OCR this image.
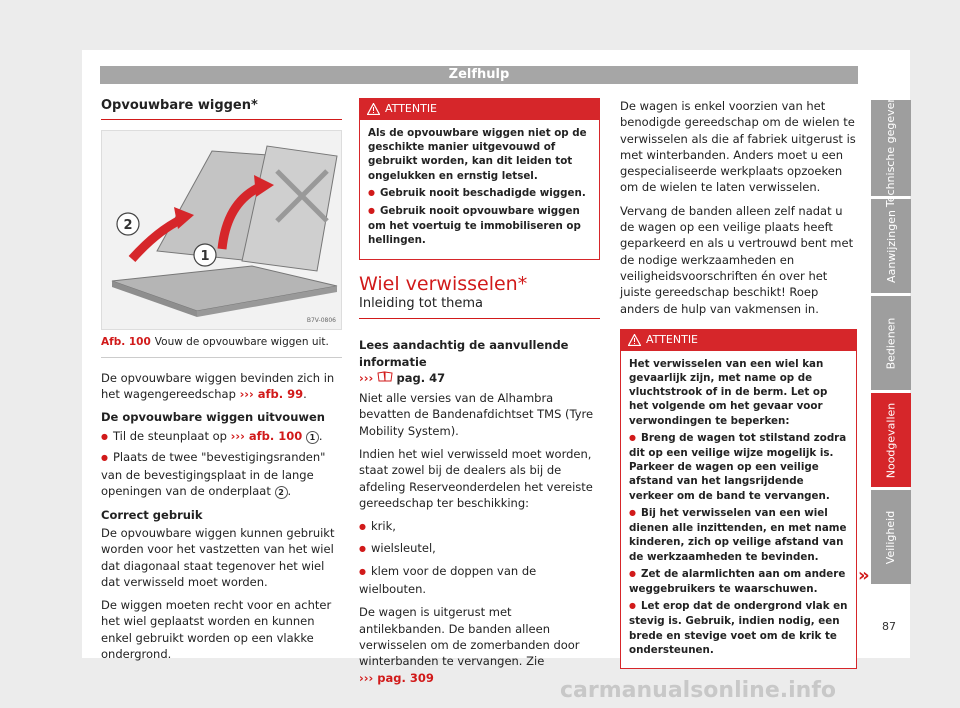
Zelfhulp
Opvouwbare wiggen*
2
1
B7V-0806
Afb. 100 Vouw de opvouwbare wiggen uit.

De opvouwbare wiggen bevinden zich in het wagengereedschap ››› afb. 99.

De opvouwbare wiggen uitvouwen

● Til de steunplaat op ››› afb. 100 1 .

● Plaats de twee "bevestigingsranden" van de bevestigingsplaat in de lange openingen van de onderplaat 2 .

Correct gebruik

De opvouwbare wiggen kunnen gebruikt worden voor het vastzetten van het wiel dat diagonaal staat tegenover het wiel dat verwisseld moet worden.

De wiggen moeten recht voor en achter het wiel geplaatst worden en kunnen enkel gebruikt worden op een vlakke ondergrond.

ATTENTIE

Als de opvouwbare wiggen niet op de geschikte manier uitgevouwd of gebruikt worden, kan dit leiden tot ongelukken en ernstig letsel.

● Gebruik nooit beschadigde wiggen.

● Gebruik nooit opvouwbare wiggen om het voertuig te immobiliseren op hellingen.

Wiel verwisselen*
Inleiding tot thema

Lees aandachtig de aanvullende informatie
››› pag. 47

Niet alle versies van de Alhambra bevatten de Bandenafdichtset TMS (Tyre Mobility System).

Indien het wiel verwisseld moet worden, staat zowel bij de dealers als bij de afdeling Reserveonderdelen het vereiste gereedschap ter beschikking:

● krik,

● wielsleutel,

● klem voor de doppen van de wielbouten.

De wagen is uitgerust met antilekbanden. De banden alleen verwisselen om de zomerbanden door winterbanden te vervangen. Zie
››› pag. 309

De wagen is enkel voorzien van het benodigde gereedschap om de wielen te verwisselen als die af fabriek uitgerust is met winterbanden. Anders moet u een gespecialiseerde werkplaats opzoeken om de wielen te laten verwisselen.

Vervang de banden alleen zelf nadat u de wagen op een veilige plaats heeft geparkeerd en als u vertrouwd bent met de nodige werkzaamheden en veiligheidsvoorschriften én over het juiste gereedschap beschikt! Roep anders de hulp van vakmensen in.

ATTENTIE

Het verwisselen van een wiel kan gevaarlijk zijn, met name op de vluchtstrook of in de berm. Let op het volgende om het gevaar voor verwondingen te beperken:

● Breng de wagen tot stilstand zodra dit op een veilige wijze mogelijk is. Parkeer de wagen op een veilige afstand van het langsrijdende verkeer om de band te vervangen.

● Bij het verwisselen van een wiel dienen alle inzittenden, en met name kinderen, zich op veilige afstand van de werkzaamheden te bevinden.

● Zet de alarmlichten aan om andere weggebruikers te waarschuwen.

● Let erop dat de ondergrond vlak en stevig is. Gebruik, indien nodig, een brede en stevige voet om de krik te ondersteunen.

»
Technische gegevens
Aanwijzingen
Bedienen
Noodgevallen
Veiligheid
87
carmanualsonline.info
